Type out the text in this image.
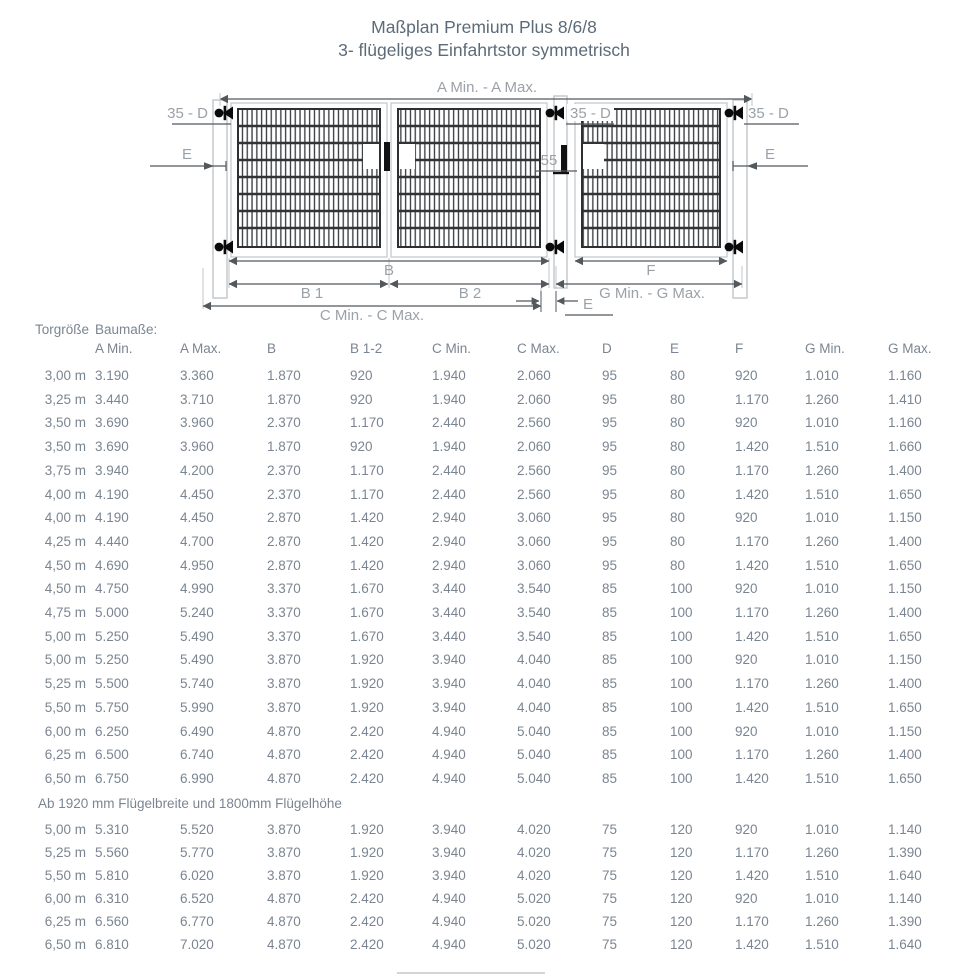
Maßplan Premium Plus 8/6/8
3- flügeliges Einfahrtstor symmetrisch
A Min. - A Max.
35 - D	35 - D	35 - D
E	E
55
B
B 1	B 2
C Min. - C Max.
F
G Min. - G Max.
E
Torgröße Baumaße:
A Min.	A Max.	B	B 1-2	C Min.	C Max.	D	E	F	G Min.	G Max.
3,00 m 3.190	3.360	1.870	920	1.940	2.060	95	80	920	1.010	1.160
3,25 m 3.440	3.710	1.870	920	1.940	2.060	95	80	1.170	1.260	1.410
3,50 m 3.690	3.960	2.370	1.170	2.440	2.560	95	80	920	1.010	1.160
3,50 m 3.690	3.960	1.870	920	1.940	2.060	95	80	1.420	1.510	1.660
3,75 m 3.940	4.200	2.370	1.170	2.440	2.560	95	80	1.170	1.260	1.400
4,00 m 4.190	4.450	2.370	1.170	2.440	2.560	95	80	1.420	1.510	1.650
4,00 m 4.190	4.450	2.870	1.420	2.940	3.060	95	80	920	1.010	1.150
4,25 m 4.440	4.700	2.870	1.420	2.940	3.060	95	80	1.170	1.260	1.400
4,50 m 4.690	4.950	2.870	1.420	2.940	3.060	95	80	1.420	1.510	1.650
4,50 m 4.750	4.990	3.370	1.670	3.440	3.540	85	100	920	1.010	1.150
4,75 m 5.000	5.240	3.370	1.670	3.440	3.540	85	100	1.170	1.260	1.400
5,00 m 5.250	5.490	3.370	1.670	3.440	3.540	85	100	1.420	1.510	1.650
5,00 m 5.250	5.490	3.870	1.920	3.940	4.040	85	100	920	1.010	1.150
5,25 m 5.500	5.740	3.870	1.920	3.940	4.040	85	100	1.170	1.260	1.400
5,50 m 5.750	5.990	3.870	1.920	3.940	4.040	85	100	1.420	1.510	1.650
6,00 m 6.250	6.490	4.870	2.420	4.940	5.040	85	100	920	1.010	1.150
6,25 m 6.500	6.740	4.870	2.420	4.940	5.040	85	100	1.170	1.260	1.400
6,50 m 6.750	6.990	4.870	2.420	4.940	5.040	85	100	1.420	1.510	1.650
5,00 m 5.310	5.520	3.870	1.920	3.940	4.020	75	120	920	1.010	1.140
5,25 m 5.560	5.770	3.870	1.920	3.940	4.020	75	120	1.170	1.260	1.390
5,50 m 5.810	6.020	3.870	1.920	3.940	4.020	75	120	1.420	1.510	1.640
6,00 m 6.310	6.520	4.870	2.420	4.940	5.020	75	120	920	1.010	1.140
6,25 m 6.560	6.770	4.870	2.420	4.940	5.020	75	120	1.170	1.260	1.390
6,50 m 6.810	7.020	4.870	2.420	4.940	5.020	75	120	1.420	1.510	1.640
Ab 1920 mm Flügelbreite und 1800mm Flügelhöhe
